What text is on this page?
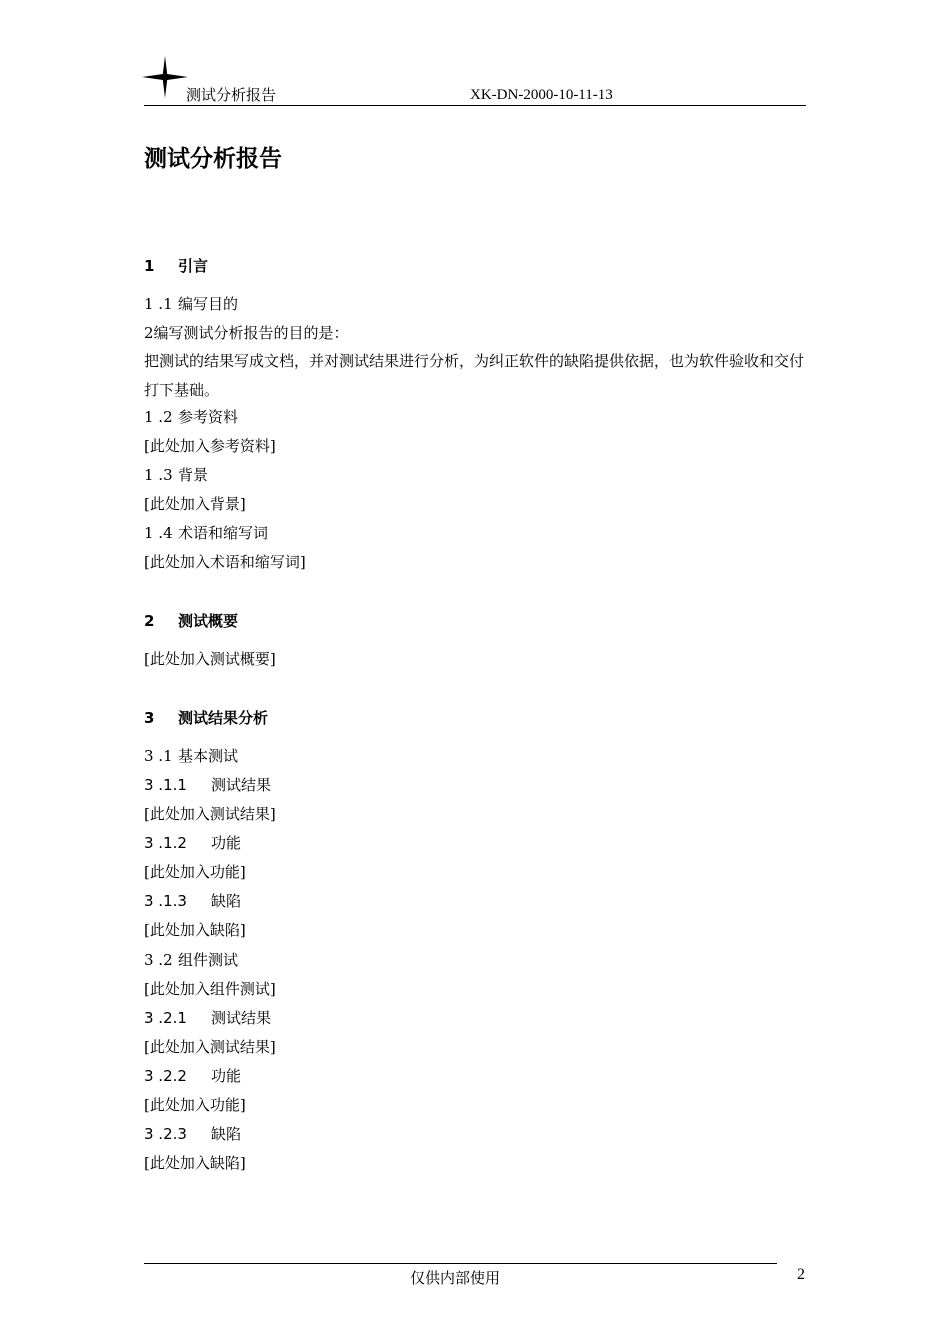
测试分析报告	XK-DN-2000-10-11-13
测试分析报告
1 引言
1 .1 编写目的
2编写测试分析报告的目的是：
把测试的结果写成文档，并对测试结果进行分析，为纠正软件的缺陷提供依据，也为软件验收和交付打下基础。
1 .2 参考资料
[此处加入参考资料]
1 .3 背景
[此处加入背景]
1 .4 术语和缩写词
[此处加入术语和缩写词]
2 测试概要
[此处加入测试概要]
3 测试结果分析
3 .1 基本测试
3 .1.1 测试结果
[此处加入测试结果]
3 .1.2 功能
[此处加入功能]
3 .1.3 缺陷
[此处加入缺陷]
3 .2 组件测试
[此处加入组件测试]
3 .2.1 测试结果
[此处加入测试结果]
3 .2.2 功能
[此处加入功能]
3 .2.3 缺陷
[此处加入缺陷]
仅供内部使用	2
